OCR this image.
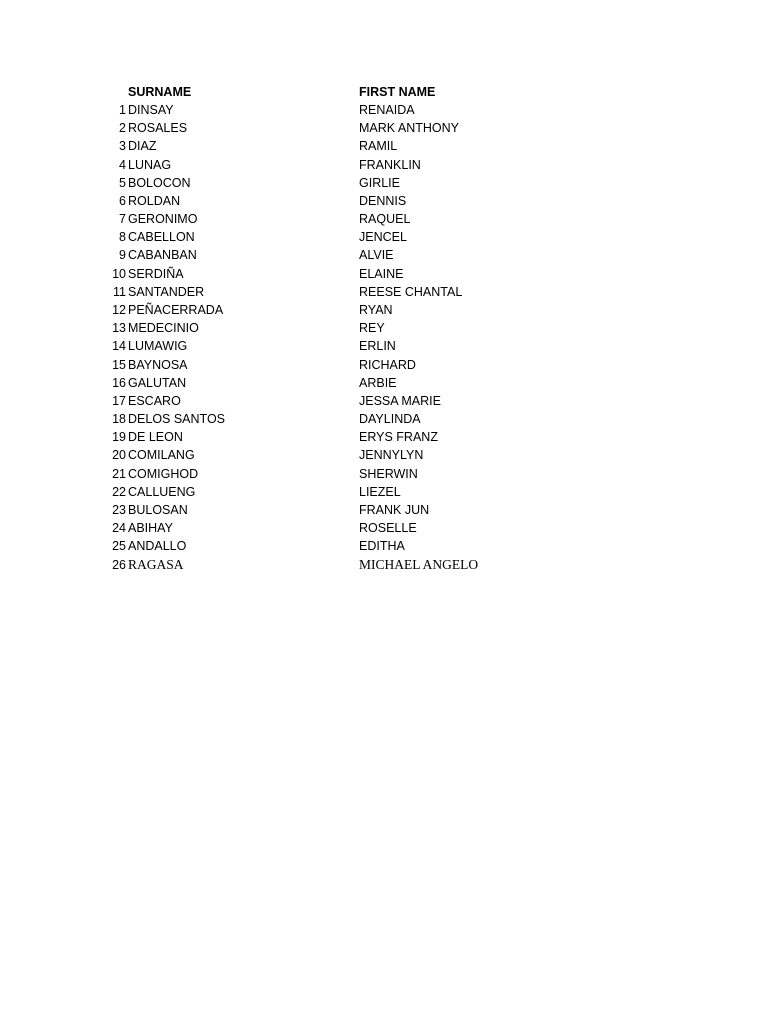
SURNAME	FIRST NAME
1 DINSAY	RENAIDA
2 ROSALES	MARK ANTHONY
3 DIAZ	RAMIL
4 LUNAG	FRANKLIN
5 BOLOCON	GIRLIE
6 ROLDAN	DENNIS
7 GERONIMO	RAQUEL
8 CABELLON	JENCEL
9 CABANBAN	ALVIE
10 SERDIÑA	ELAINE
11 SANTANDER	REESE CHANTAL
12 PEÑACERRADA	RYAN
13 MEDECINIO	REY
14 LUMAWIG	ERLIN
15 BAYNOSA	RICHARD
16 GALUTAN	ARBIE
17 ESCARO	JESSA MARIE
18 DELOS SANTOS	DAYLINDA
19 DE LEON	ERYS FRANZ
20 COMILANG	JENNYLYN
21 COMIGHOD	SHERWIN
22 CALLUENG	LIEZEL
23 BULOSAN	FRANK JUN
24 ABIHAY	ROSELLE
25 ANDALLO	EDITHA
26 RAGASA	MICHAEL ANGELO
